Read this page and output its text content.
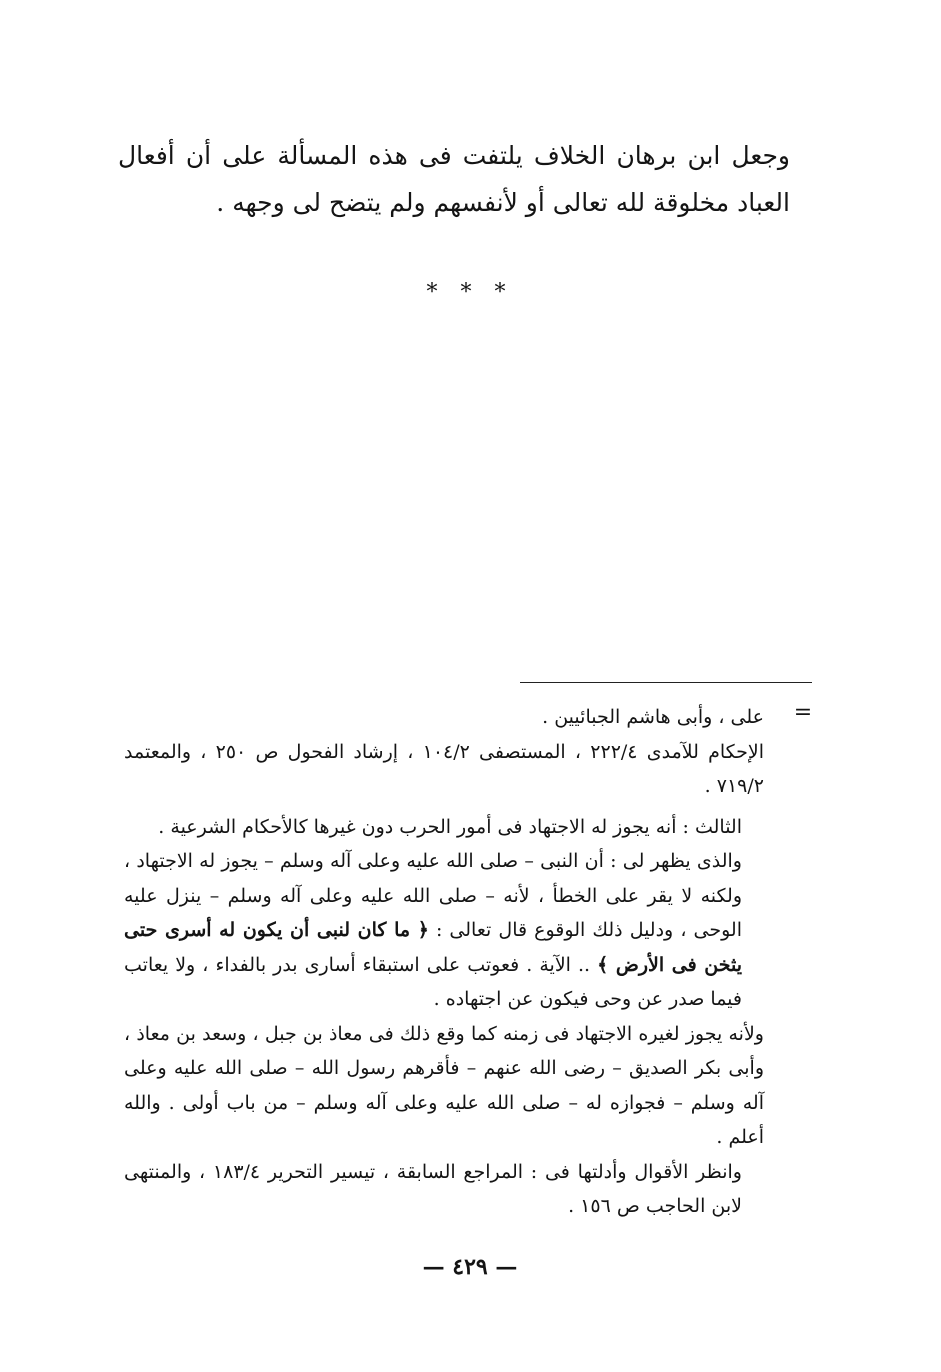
وجعل ابن برهان الخلاف يلتفت فى هذه المسألة على أن أفعال العباد مخلوقة لله تعالى أو لأنفسهم ولم يتضح لى وجهه .

* * *
=

على ، وأبى هاشم الجبائيين .

الإحكام للآمدى ٢٢٢/٤ ، المستصفى ١٠٤/٢ ، إرشاد الفحول ص ٢٥٠ ، والمعتمد ٧١٩/٢ .

الثالث : أنه يجوز له الاجتهاد فى أمور الحرب دون غيرها كالأحكام الشرعية .

والذى يظهر لى : أن النبى – صلى الله عليه وعلى آله وسلم – يجوز له الاجتهاد ، ولكنه لا يقر على الخطأ ، لأنه – صلى الله عليه وعلى آله وسلم – ينزل عليه الوحى ، ودليل ذلك الوقوع قال تعالى : ﴿ ما كان لنبى أن يكون له أسرى حتى يثخن فى الأرض ﴾ .. الآية . فعوتب على استبقاء أسارى بدر بالفداء ، ولا يعاتب فيما صدر عن وحى فيكون عن اجتهاده .

ولأنه يجوز لغيره الاجتهاد فى زمنه كما وقع ذلك فى معاذ بن جبل ، وسعد بن معاذ ، وأبى بكر الصديق – رضى الله عنهم – فأقرهم رسول الله – صلى الله عليه وعلى آله وسلم – فجوازه له – صلى الله عليه وعلى آله وسلم – من باب أولى . والله أعلم .

وانظر الأقوال وأدلتها فى : المراجع السابقة ، تيسير التحرير ١٨٣/٤ ، والمنتهى لابن الحاجب ص ١٥٦ .

— ٤٢٩ —
